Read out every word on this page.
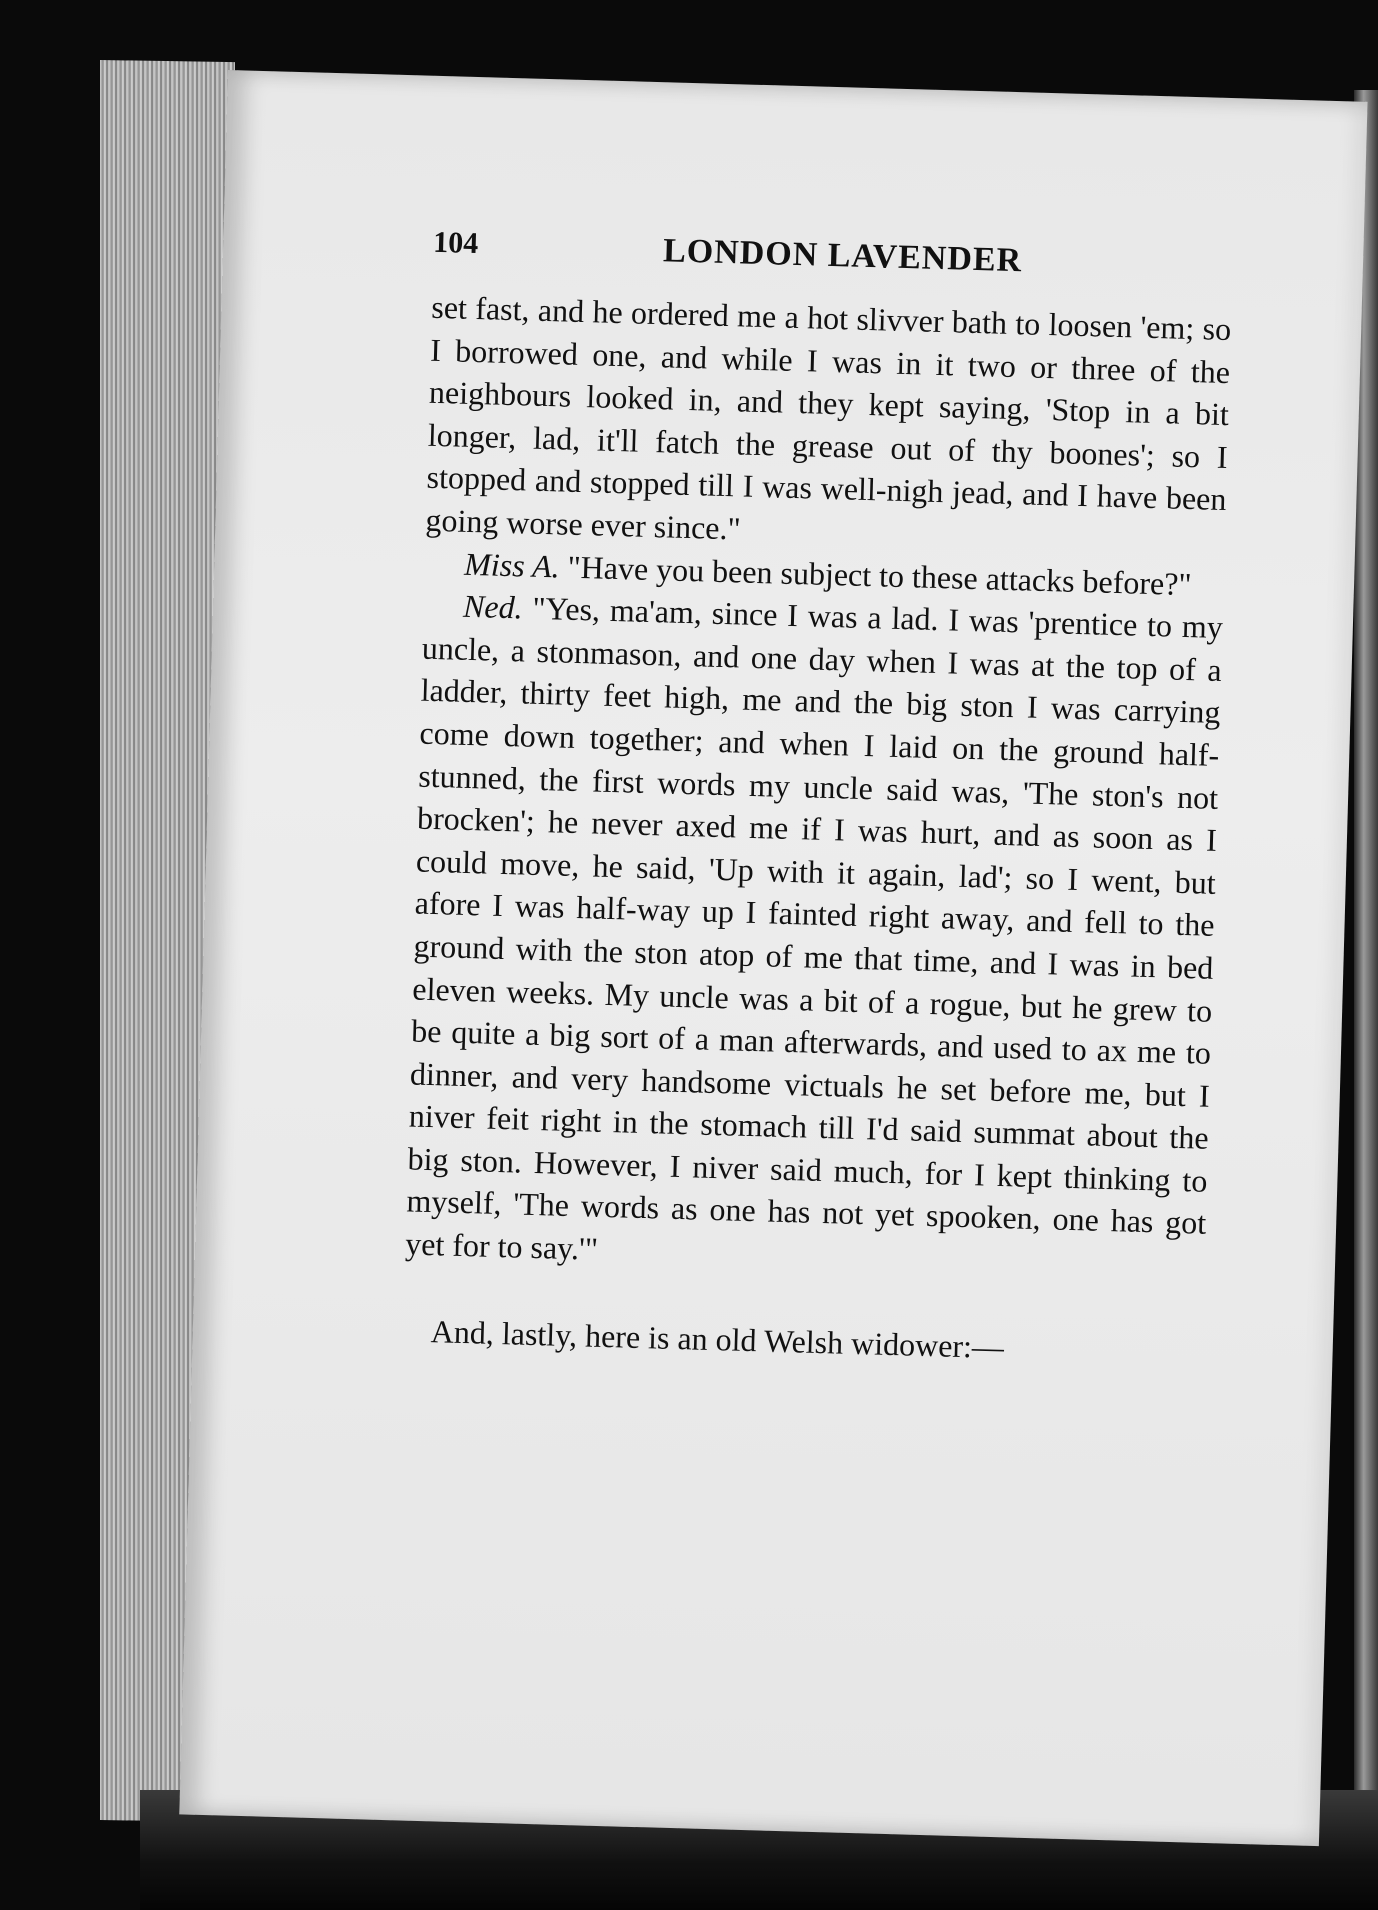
104	LONDON LAVENDER

set fast, and he ordered me a hot slivver bath to loosen 'em; so I borrowed one, and while I was in it two or three of the neighbours looked in, and they kept saying, 'Stop in a bit longer, lad, it'll fatch the grease out of thy boones'; so I stopped and stopped till I was well-nigh jead, and I have been going worse ever since."

Miss A. "Have you been subject to these attacks before?"

Ned. "Yes, ma'am, since I was a lad. I was 'prentice to my uncle, a stonmason, and one day when I was at the top of a ladder, thirty feet high, me and the big ston I was carrying come down together; and when I laid on the ground half-stunned, the first words my uncle said was, 'The ston's not brocken'; he never axed me if I was hurt, and as soon as I could move, he said, 'Up with it again, lad'; so I went, but afore I was half-way up I fainted right away, and fell to the ground with the ston atop of me that time, and I was in bed eleven weeks. My uncle was a bit of a rogue, but he grew to be quite a big sort of a man afterwards, and used to ax me to dinner, and very handsome victuals he set before me, but I niver feit right in the stomach till I'd said summat about the big ston. However, I niver said much, for I kept thinking to myself, 'The words as one has not yet spooken, one has got yet for to say.'"

And, lastly, here is an old Welsh widower:—
